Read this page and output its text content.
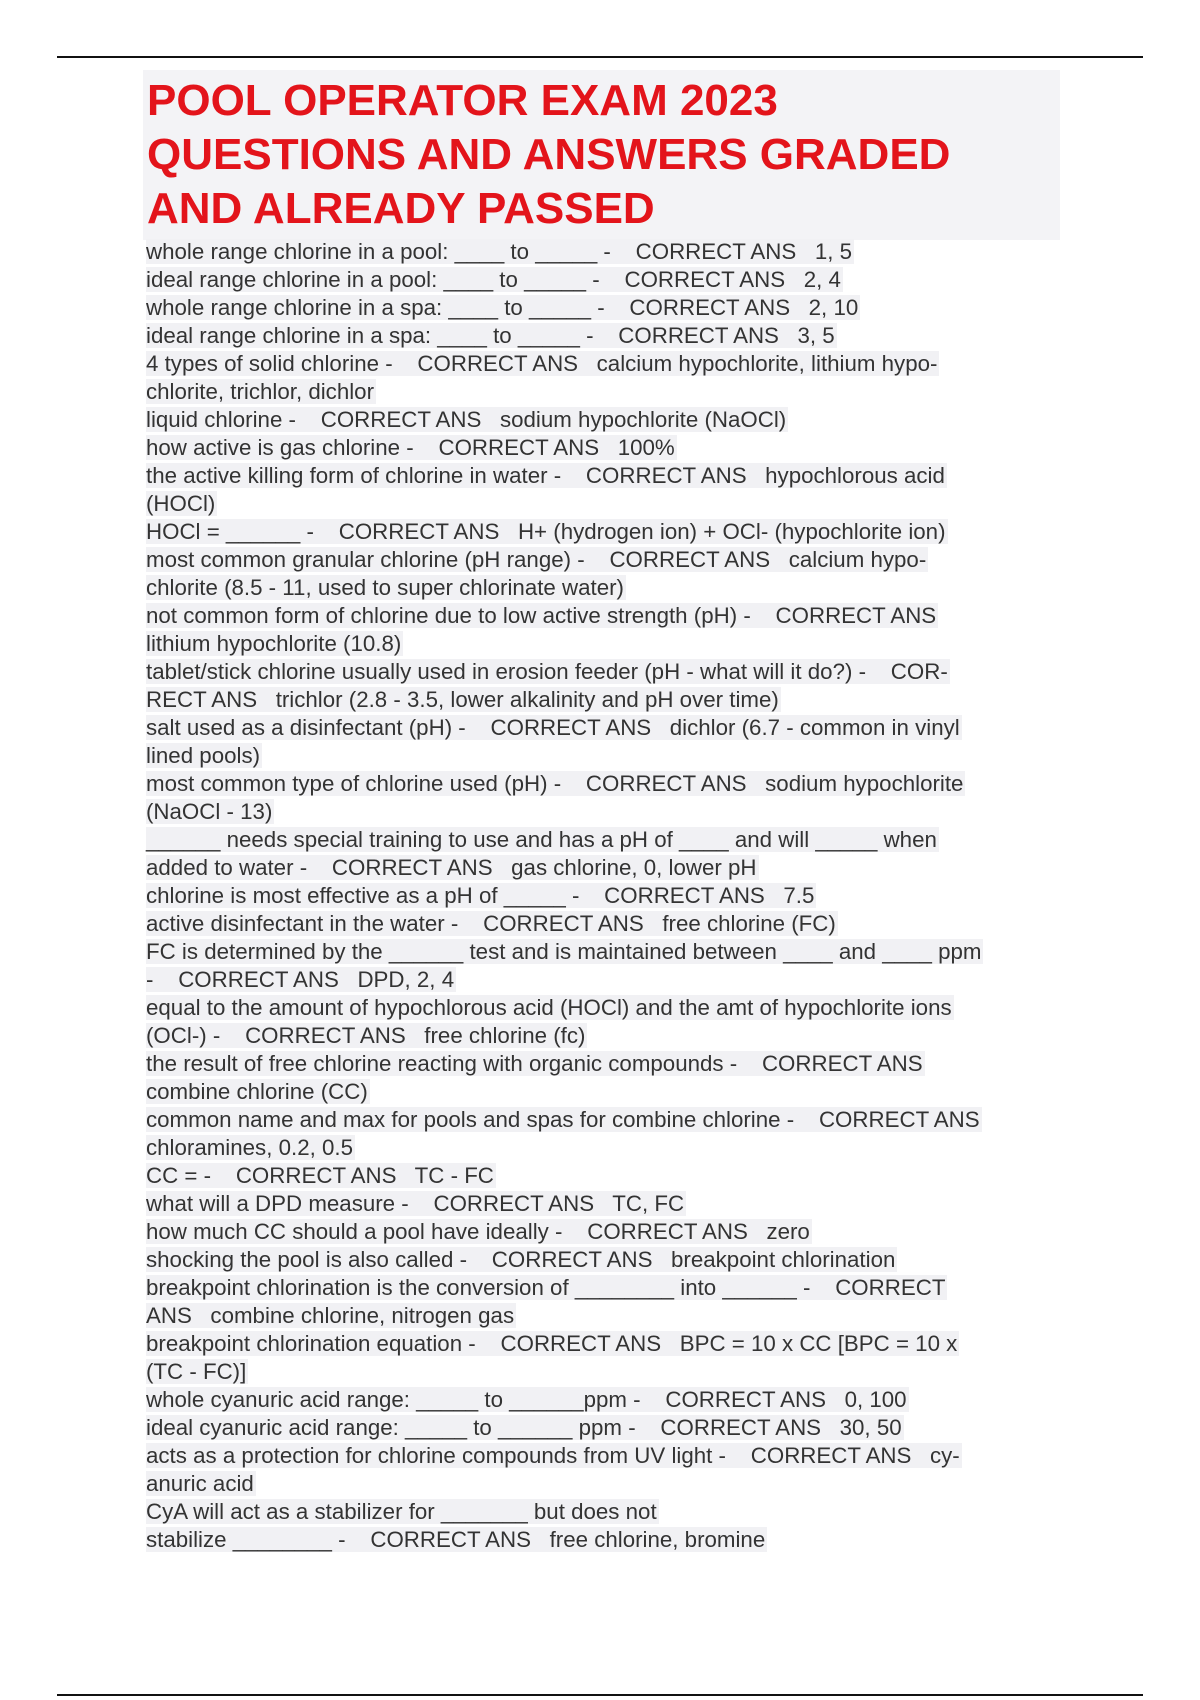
POOL OPERATOR EXAM 2023
QUESTIONS AND ANSWERS GRADED
AND ALREADY PASSED
whole range chlorine in a pool: ____ to _____ -    CORRECT ANS   1, 5
ideal range chlorine in a pool: ____ to _____ -    CORRECT ANS   2, 4
whole range chlorine in a spa: ____ to _____ -    CORRECT ANS   2, 10
ideal range chlorine in a spa: ____ to _____ -    CORRECT ANS   3, 5
4 types of solid chlorine -    CORRECT ANS   calcium hypochlorite, lithium hypo-
chlorite, trichlor, dichlor
liquid chlorine -    CORRECT ANS   sodium hypochlorite (NaOCl)
how active is gas chlorine -    CORRECT ANS   100%
the active killing form of chlorine in water -    CORRECT ANS   hypochlorous acid
(HOCl)
HOCl = ______ -    CORRECT ANS   H+ (hydrogen ion) + OCl- (hypochlorite ion)
most common granular chlorine (pH range) -    CORRECT ANS   calcium hypo-
chlorite (8.5 - 11, used to super chlorinate water)
not common form of chlorine due to low active strength (pH) -    CORRECT ANS
lithium hypochlorite (10.8)
tablet/stick chlorine usually used in erosion feeder (pH - what will it do?) -    COR-
RECT ANS   trichlor (2.8 - 3.5, lower alkalinity and pH over time)
salt used as a disinfectant (pH) -    CORRECT ANS   dichlor (6.7 - common in vinyl
lined pools)
most common type of chlorine used (pH) -    CORRECT ANS   sodium hypochlorite
(NaOCl - 13)
______ needs special training to use and has a pH of ____ and will _____ when
added to water -    CORRECT ANS   gas chlorine, 0, lower pH
chlorine is most effective as a pH of _____ -    CORRECT ANS   7.5
active disinfectant in the water -    CORRECT ANS   free chlorine (FC)
FC is determined by the ______ test and is maintained between ____ and ____ ppm
-    CORRECT ANS   DPD, 2, 4
equal to the amount of hypochlorous acid (HOCl) and the amt of hypochlorite ions
(OCl-) -    CORRECT ANS   free chlorine (fc)
the result of free chlorine reacting with organic compounds -    CORRECT ANS
combine chlorine (CC)
common name and max for pools and spas for combine chlorine -    CORRECT ANS
chloramines, 0.2, 0.5
CC = -    CORRECT ANS   TC - FC
what will a DPD measure -    CORRECT ANS   TC, FC
how much CC should a pool have ideally -    CORRECT ANS   zero
shocking the pool is also called -    CORRECT ANS   breakpoint chlorination
breakpoint chlorination is the conversion of ________ into ______ -    CORRECT
ANS   combine chlorine, nitrogen gas
breakpoint chlorination equation -    CORRECT ANS   BPC = 10 x CC [BPC = 10 x
(TC - FC)]
whole cyanuric acid range: _____ to ______ppm -    CORRECT ANS   0, 100
ideal cyanuric acid range: _____ to ______ ppm -    CORRECT ANS   30, 50
acts as a protection for chlorine compounds from UV light -    CORRECT ANS   cy-
anuric acid
CyA will act as a stabilizer for _______ but does not
stabilize ________ -    CORRECT ANS   free chlorine, bromine
